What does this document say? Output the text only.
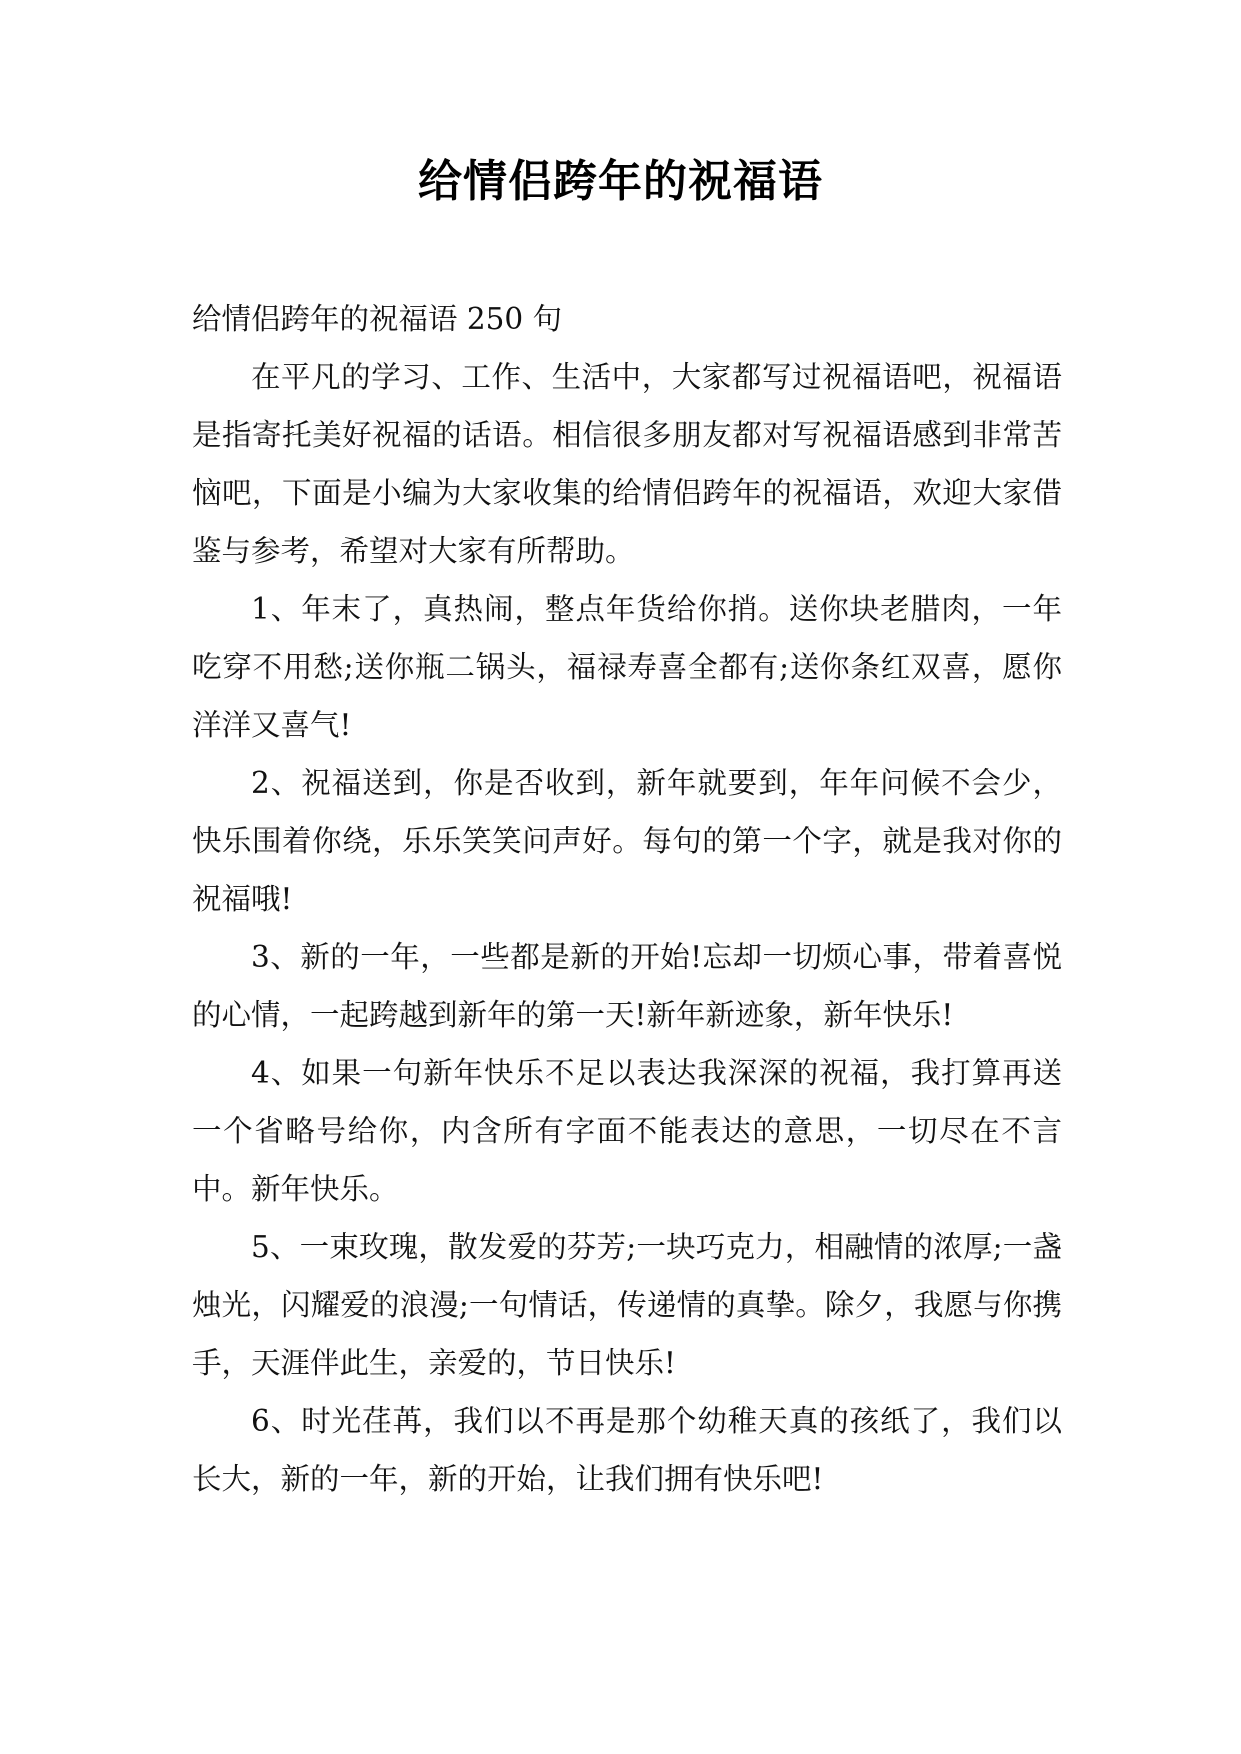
给情侣跨年的祝福语

给情侣跨年的祝福语 250 句

在平凡的学习、工作、生活中，大家都写过祝福语吧，祝福语是指寄托美好祝福的话语。相信很多朋友都对写祝福语感到非常苦恼吧，下面是小编为大家收集的给情侣跨年的祝福语，欢迎大家借鉴与参考，希望对大家有所帮助。

1、年末了，真热闹，整点年货给你捎。送你块老腊肉，一年吃穿不用愁;送你瓶二锅头，福禄寿喜全都有;送你条红双喜，愿你洋洋又喜气!

2、祝福送到，你是否收到，新年就要到，年年问候不会少，快乐围着你绕，乐乐笑笑问声好。每句的第一个字，就是我对你的祝福哦!

3、新的一年，一些都是新的开始!忘却一切烦心事，带着喜悦的心情，一起跨越到新年的第一天!新年新迹象，新年快乐!

4、如果一句新年快乐不足以表达我深深的祝福，我打算再送一个省略号给你，内含所有字面不能表达的意思，一切尽在不言中。新年快乐。

5、一束玫瑰，散发爱的芬芳;一块巧克力，相融情的浓厚;一盏烛光，闪耀爱的浪漫;一句情话，传递情的真挚。除夕，我愿与你携手，天涯伴此生，亲爱的，节日快乐!

6、时光荏苒，我们以不再是那个幼稚天真的孩纸了，我们以长大，新的一年，新的开始，让我们拥有快乐吧!
